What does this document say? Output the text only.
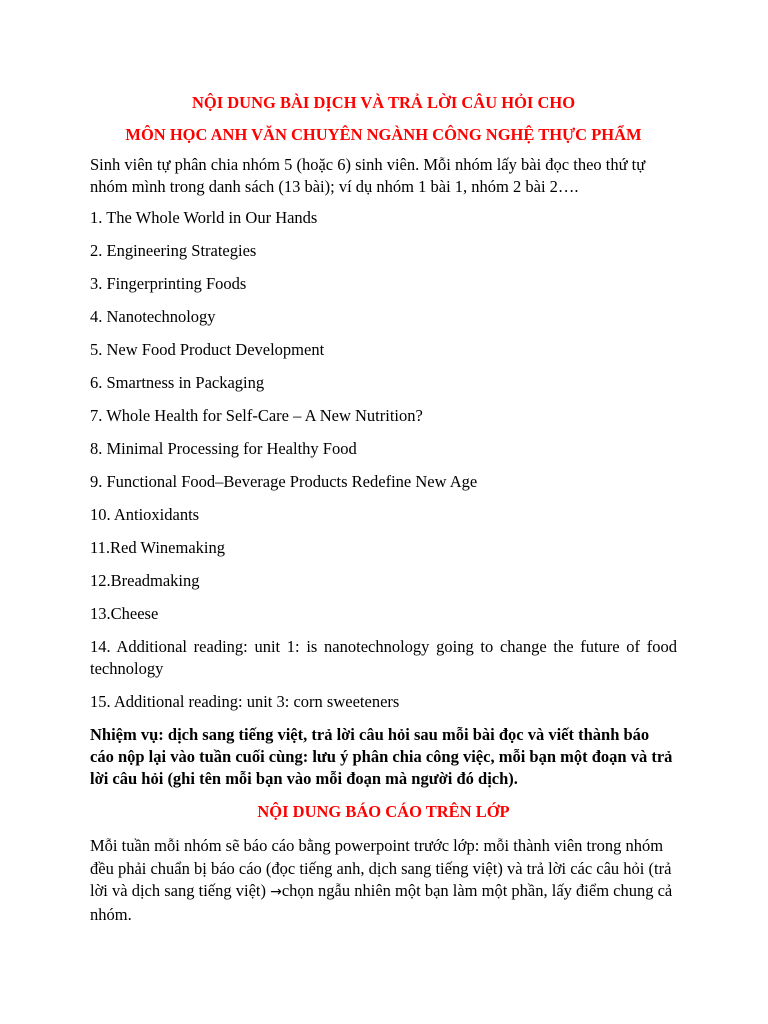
NỘI DUNG BÀI DỊCH VÀ TRẢ LỜI CÂU HỎI CHO

MÔN HỌC ANH VĂN CHUYÊN NGÀNH CÔNG NGHỆ THỰC PHẨM

Sinh viên tự phân chia nhóm 5 (hoặc 6) sinh viên. Mỗi nhóm lấy bài đọc theo thứ tự nhóm mình trong danh sách (13 bài); ví dụ nhóm 1 bài 1, nhóm 2 bài 2….

1. The Whole World in Our Hands
2. Engineering Strategies
3. Fingerprinting Foods
4. Nanotechnology
5. New Food Product Development
6. Smartness in Packaging
7. Whole Health for Self-Care – A New Nutrition?
8. Minimal Processing for Healthy Food
9. Functional Food–Beverage Products Redefine New Age
10. Antioxidants
11.Red Winemaking
12.Breadmaking
13.Cheese
14. Additional reading: unit 1: is nanotechnology going to change the future of food technology
15. Additional reading: unit 3: corn sweeteners

Nhiệm vụ: dịch sang tiếng việt, trả lời câu hỏi sau mỗi bài đọc và viết thành báo cáo nộp lại vào tuần cuối cùng: lưu ý phân chia công việc, mỗi bạn một đoạn và trả lời câu hỏi (ghi tên mỗi bạn vào mỗi đoạn mà người đó dịch).

NỘI DUNG BÁO CÁO TRÊN LỚP

Mỗi tuần mỗi nhóm sẽ báo cáo bằng powerpoint trước lớp: mỗi thành viên trong nhóm đều phải chuẩn bị báo cáo (đọc tiếng anh, dịch sang tiếng việt) và trả lời các câu hỏi (trả lời và dịch sang tiếng việt) →chọn ngẫu nhiên một bạn làm một phần, lấy điểm chung cả nhóm.
